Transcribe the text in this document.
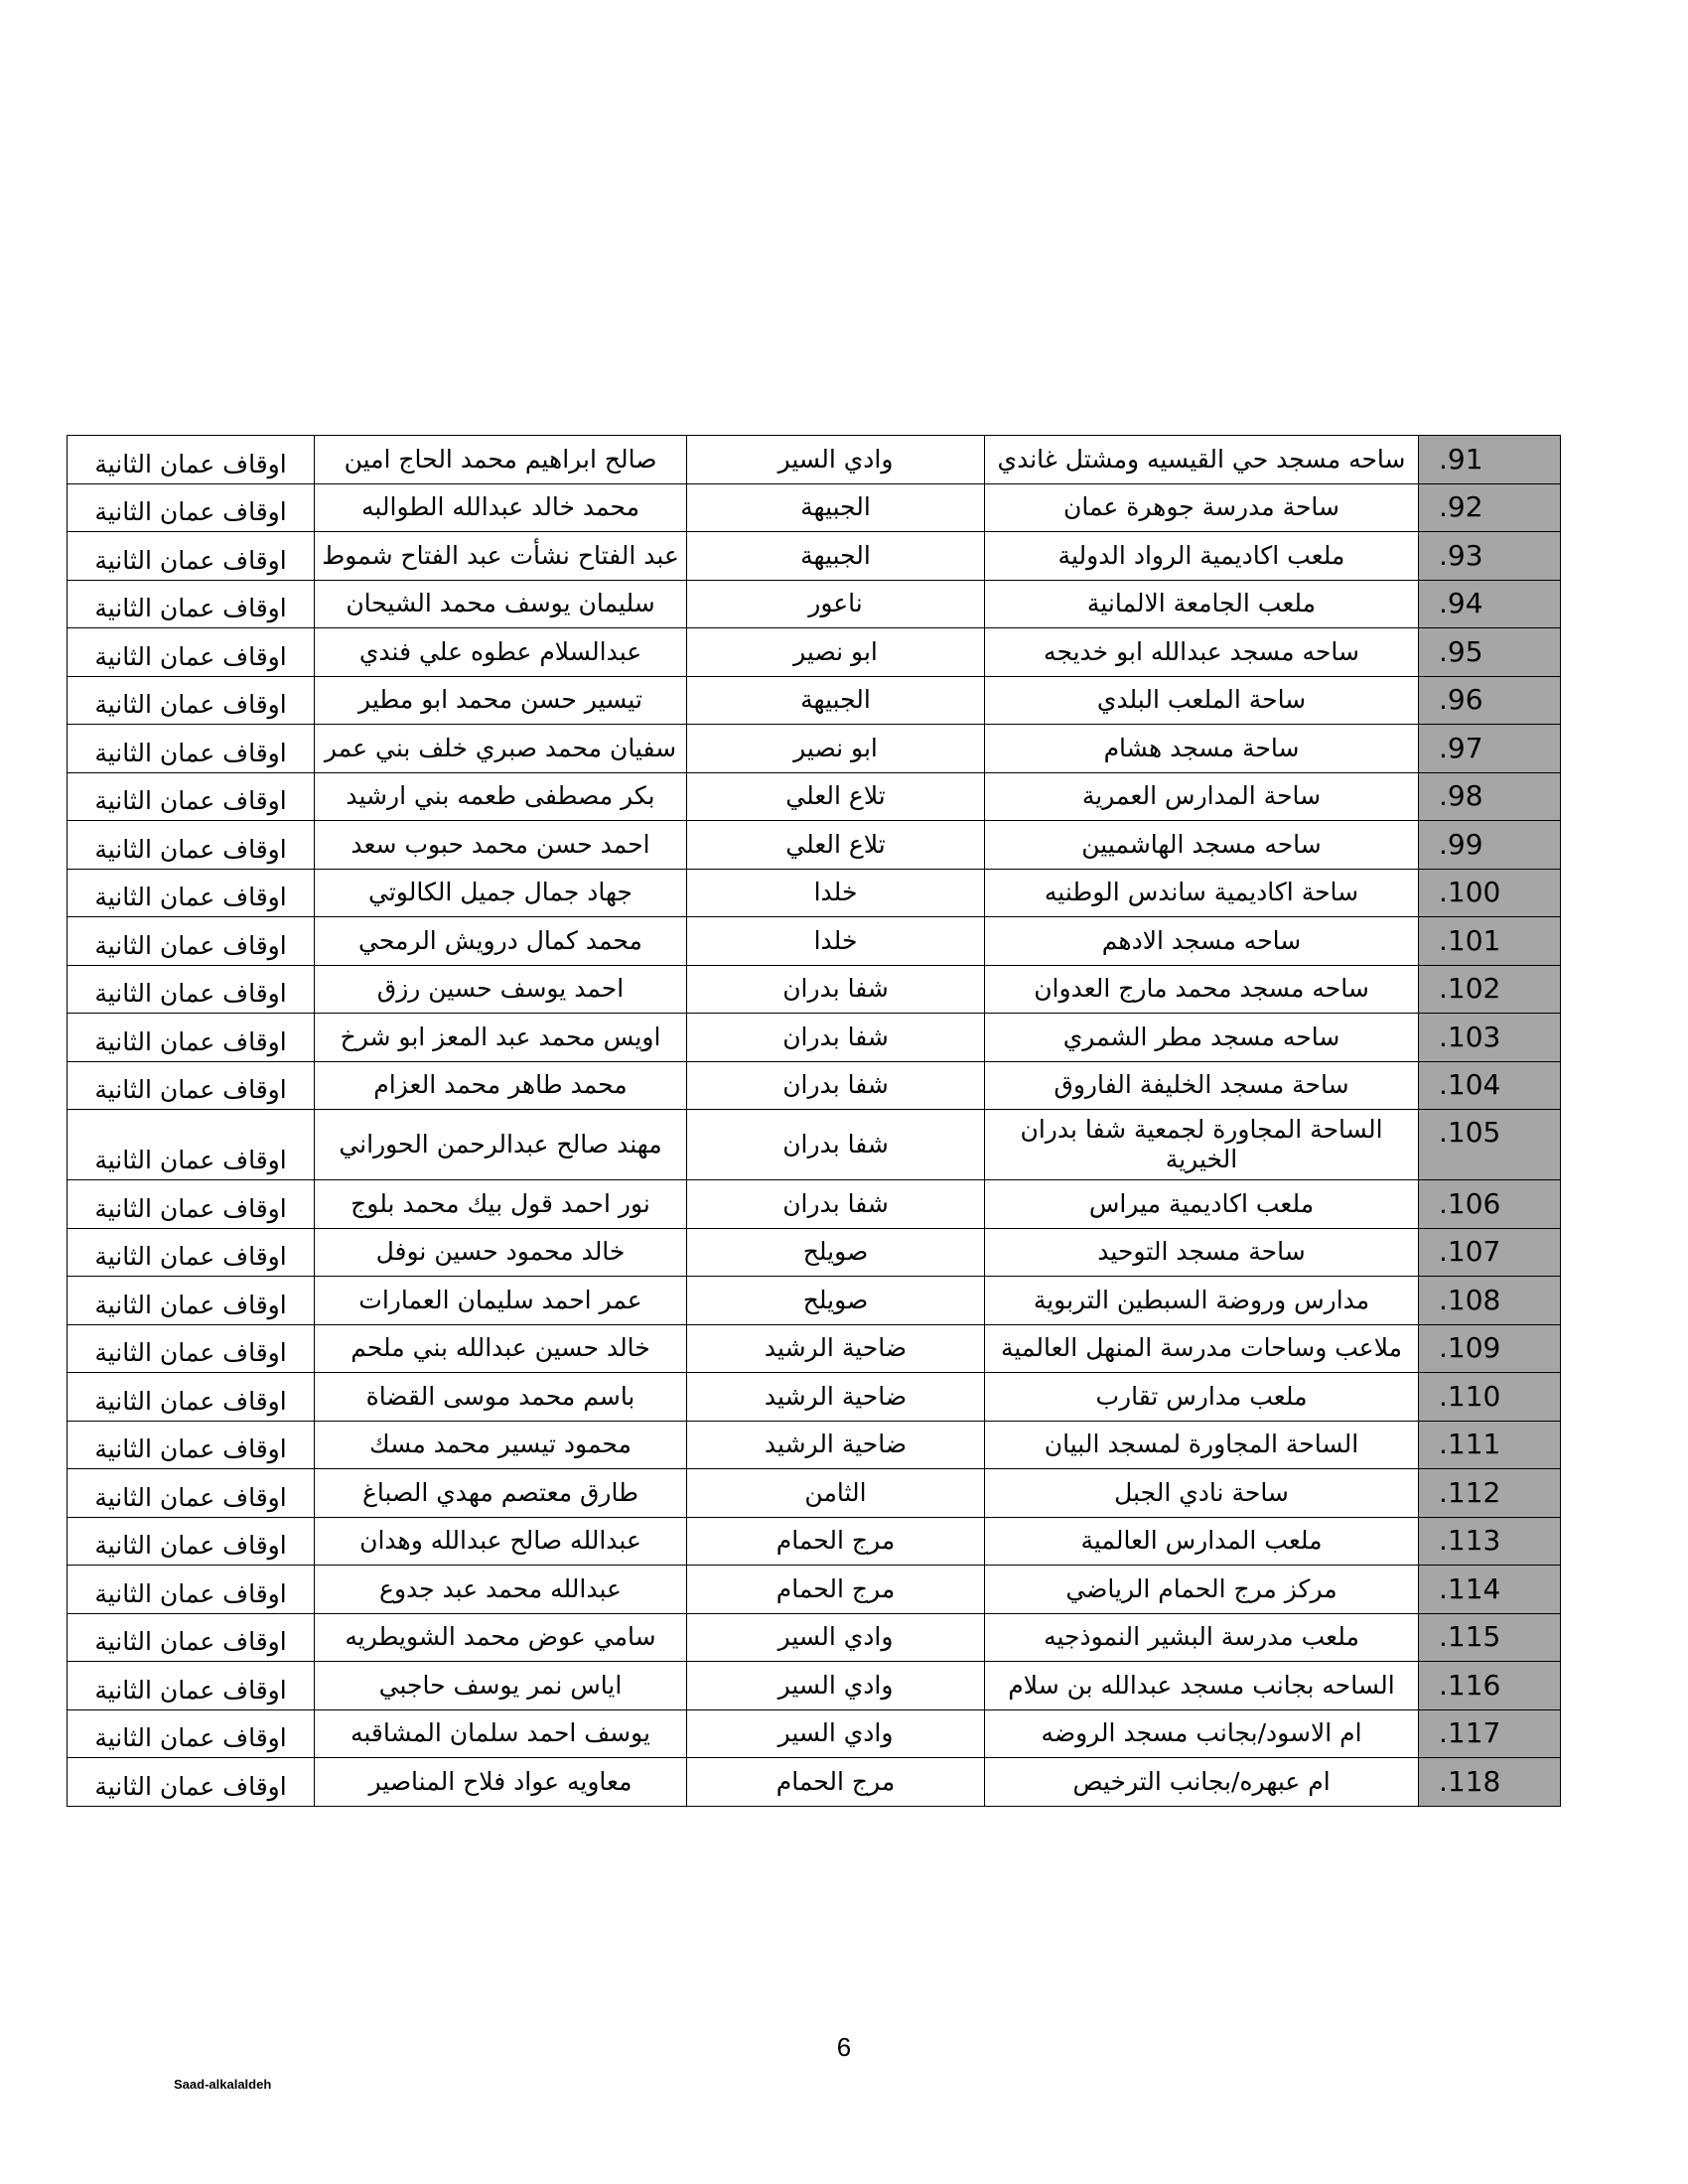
اوقاف عمان الثانية	صالح ابراهيم محمد الحاج امين	وادي السير	ساحه مسجد حي القيسيه ومشتل غاندي	.91
اوقاف عمان الثانية	محمد خالد عبدالله الطوالبه	الجبيهة	ساحة مدرسة جوهرة عمان	.92
اوقاف عمان الثانية	عبد الفتاح نشأت عبد الفتاح شموط	الجبيهة	ملعب اكاديمية الرواد الدولية	.93
اوقاف عمان الثانية	سليمان يوسف محمد الشيحان	ناعور	ملعب الجامعة الالمانية	.94
اوقاف عمان الثانية	عبدالسلام عطوه علي فندي	ابو نصير	ساحه مسجد عبدالله ابو خديجه	.95
اوقاف عمان الثانية	تيسير حسن محمد ابو مطير	الجبيهة	ساحة الملعب البلدي	.96
اوقاف عمان الثانية	سفيان محمد صبري خلف بني عمر	ابو نصير	ساحة مسجد هشام	.97
اوقاف عمان الثانية	بكر مصطفى طعمه بني ارشيد	تلاع العلي	ساحة المدارس العمرية	.98
اوقاف عمان الثانية	احمد حسن محمد حبوب سعد	تلاع العلي	ساحه مسجد الهاشميين	.99
اوقاف عمان الثانية	جهاد جمال جميل الكالوتي	خلدا	ساحة اكاديمية ساندس الوطنيه	.100
اوقاف عمان الثانية	محمد كمال درويش الرمحي	خلدا	ساحه مسجد الادهم	.101
اوقاف عمان الثانية	احمد يوسف حسين رزق	شفا بدران	ساحه مسجد محمد مارج العدوان	.102
اوقاف عمان الثانية	اويس محمد عبد المعز ابو شرخ	شفا بدران	ساحه مسجد مطر الشمري	.103
اوقاف عمان الثانية	محمد طاهر محمد العزام	شفا بدران	ساحة مسجد الخليفة الفاروق	.104
اوقاف عمان الثانية	مهند صالح عبدالرحمن الحوراني	شفا بدران	الساحة المجاورة لجمعية شفا بدران الخيرية	.105
اوقاف عمان الثانية	نور احمد قول بيك محمد بلوج	شفا بدران	ملعب اكاديمية ميراس	.106
اوقاف عمان الثانية	خالد محمود حسين نوفل	صويلح	ساحة مسجد التوحيد	.107
اوقاف عمان الثانية	عمر احمد سليمان العمارات	صويلح	مدارس وروضة السبطين التربوية	.108
اوقاف عمان الثانية	خالد حسين عبدالله بني ملحم	ضاحية الرشيد	ملاعب وساحات مدرسة المنهل العالمية	.109
اوقاف عمان الثانية	باسم محمد موسى القضاة	ضاحية الرشيد	ملعب مدارس تقارب	.110
اوقاف عمان الثانية	محمود تيسير محمد مسك	ضاحية الرشيد	الساحة المجاورة لمسجد البيان	.111
اوقاف عمان الثانية	طارق معتصم مهدي الصباغ	الثامن	ساحة نادي الجبل	.112
اوقاف عمان الثانية	عبدالله صالح عبدالله وهدان	مرج الحمام	ملعب المدارس العالمية	.113
اوقاف عمان الثانية	عبدالله محمد عبد جدوع	مرج الحمام	مركز مرج الحمام الرياضي	.114
اوقاف عمان الثانية	سامي عوض محمد الشويطريه	وادي السير	ملعب مدرسة البشير النموذجيه	.115
اوقاف عمان الثانية	اياس نمر يوسف حاجبي	وادي السير	الساحه بجانب مسجد عبدالله بن سلام	.116
اوقاف عمان الثانية	يوسف احمد سلمان المشاقبه	وادي السير	ام الاسود/بجانب مسجد الروضه	.117
اوقاف عمان الثانية	معاويه عواد فلاح المناصير	مرج الحمام	ام عبهره/بجانب الترخيص	.118
6
Saad-alkalaldeh
